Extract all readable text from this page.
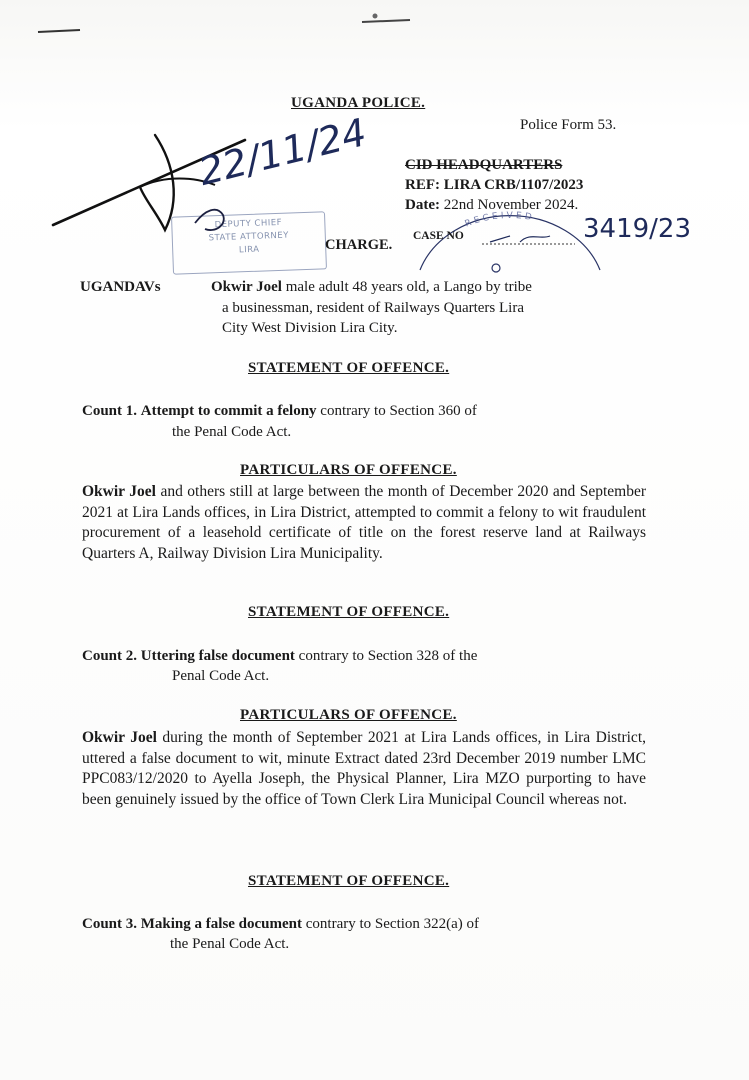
UGANDA POLICE.
Police Form 53.
CID HEADQUARTERS
REF: LIRA CRB/1107/2023
Date: 22nd November 2024.
DEPUTY CHIEF
STATE ATTORNEY
LIRA
RECEIVED
22/11/24
CHARGE.
CASE NO	3419/23
UGANDAVs	Okwir Joel male adult 48 years old, a Lango by tribe
a businessman, resident of Railways Quarters Lira
City West Division Lira City.
STATEMENT OF OFFENCE.
Count 1. Attempt to commit a felony contrary to Section 360 of
the Penal Code Act.
PARTICULARS OF OFFENCE.
Okwir Joel and others still at large between the month of December 2020 and September 2021 at Lira Lands offices, in Lira District, attempted to commit a felony to wit fraudulent procurement of a leasehold certificate of title on the forest reserve land at Railways Quarters A, Railway Division Lira Municipality.
STATEMENT OF OFFENCE.
Count 2. Uttering false document contrary to Section 328 of the
Penal Code Act.
PARTICULARS OF OFFENCE.
Okwir Joel during the month of September 2021 at Lira Lands offices, in Lira District, uttered a false document to wit, minute Extract dated 23rd December 2019 number LMC PPC083/12/2020 to Ayella Joseph, the Physical Planner, Lira MZO purporting to have been genuinely issued by the office of Town Clerk Lira Municipal Council whereas not.
STATEMENT OF OFFENCE.
Count 3. Making a false document contrary to Section 322(a) of
the Penal Code Act.
